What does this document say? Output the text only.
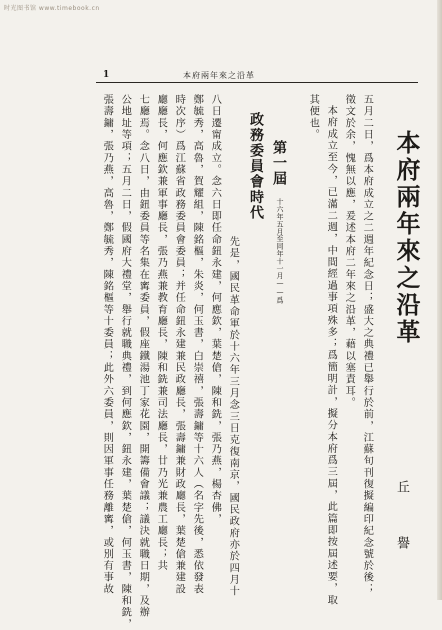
时光图书馆 www.timebook.cn
1	本府兩年來之沿革
本府兩年來之沿革
丘 譽
五月二日，爲本府成立之二週年紀念日；盛大之典禮已舉行於前，江蘇旬刊復擬編印紀念號於後；
徵文於余，愧無以應，爰述本府二年來之沿革，藉以塞責耳。
本府成立至今，已滿二週，中間經過事項殊多；爲簡明計，擬分本府爲三屆，此篇即按屆述要，取
其便也。
第一屆
十六年五月至同年十一月——爲
政務委員會時代
先是，國民革命軍於十六年三月念三日克復南京，國民政府亦於四月十
八日遷甯成立。念六日即任命鈕永建，何應欽，葉楚傖，陳和銑，張乃燕，楊杏佛，
鄭毓秀，高魯，賀耀組，陳銘樞，朱炎，何玉書，白崇禧，張壽鏞等十六人（名字先後，悉依發表
時次序）爲江蘇省政務委員會委員；并任命鈕永建兼民政廳長，張壽鏞兼財政廳長，葉楚傖兼建設
廳廳長，何應欽兼軍事廳長，張乃燕兼教育廳長，陳和銑兼司法廳長，廿乃光兼農工廳長；共
七廳焉。念八日，由鈕委員等名集在寗委員，假座鐵湯池丁家花園，開籌備會議；議決就職日期，及辦
公地址等項；五月二日，假國府大禮堂，舉行就職典禮，到何應欽，鈕永建，葉楚傖，何玉書，陳和銑，
張壽鏞，張乃燕，高魯，鄭毓秀，陳銘樞等十委員；此外六委員，則因軍事任務離寗，或別有事故
